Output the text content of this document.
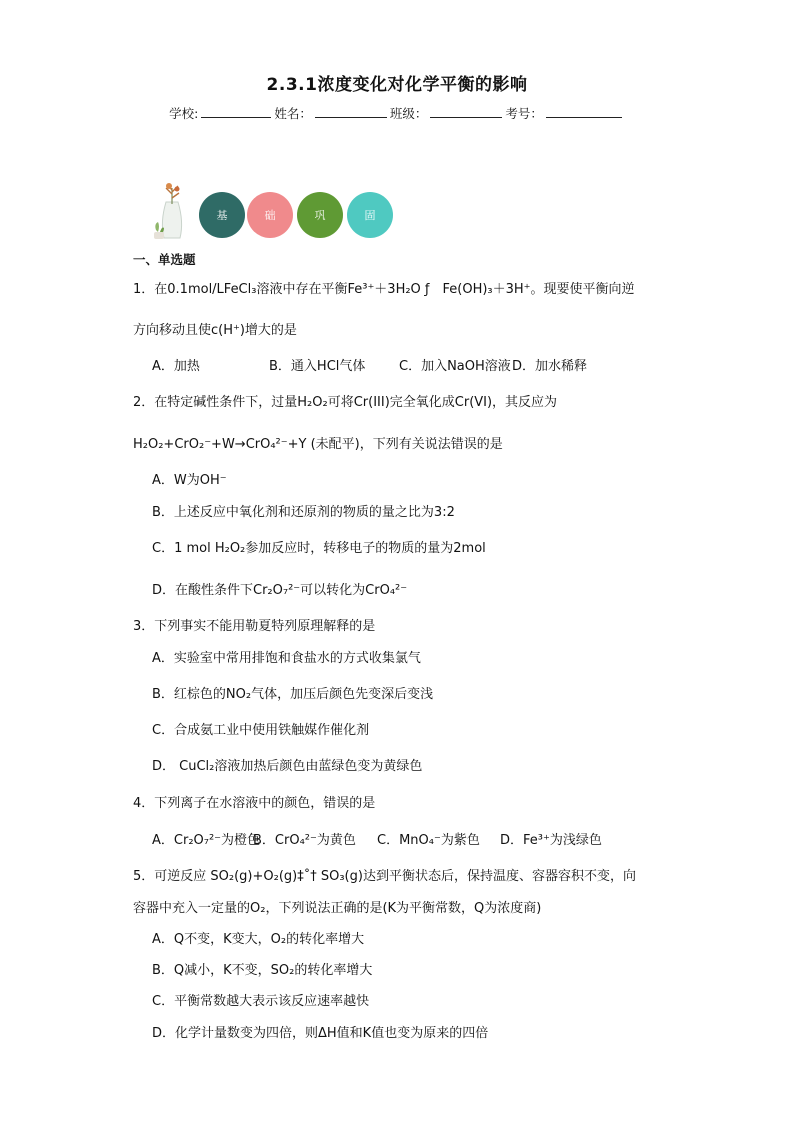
2.3.1浓度变化对化学平衡的影响
学校:	姓名：	班级：	考号：
基	础	巩	固
一、单选题
1．在0.1mol/LFeCl₃溶液中存在平衡Fe³⁺＋3H₂O ƒ　Fe(OH)₃＋3H⁺。现要使平衡向逆
方向移动且使c(H⁺)增大的是
A．加热	B．通入HCl气体	C．加入NaOH溶液D．加水稀释
2．在特定碱性条件下，过量H₂O₂可将Cr(III)完全氧化成Cr(VI)，其反应为
H₂O₂+CrO₂⁻+W→CrO₄²⁻+Y (未配平)，下列有关说法错误的是
A．W为OH⁻
B．上述反应中氧化剂和还原剂的物质的量之比为3:2
C．1 mol H₂O₂参加反应时，转移电子的物质的量为2mol
D．在酸性条件下Cr₂O₇²⁻可以转化为CrO₄²⁻
3．下列事实不能用勒夏特列原理解释的是
A．实验室中常用排饱和食盐水的方式收集氯气
B．红棕色的NO₂气体，加压后颜色先变深后变浅
C．合成氨工业中使用铁触媒作催化剂
D． CuCl₂溶液加热后颜色由蓝绿色变为黄绿色
4．下列离子在水溶液中的颜色，错误的是
A．Cr₂O₇²⁻为橙色B．CrO₄²⁻为黄色 C．MnO₄⁻为紫色 D．Fe³⁺为浅绿色
5．可逆反应 SO₂(g)+O₂(g)‡˚† SO₃(g)达到平衡状态后，保持温度、容器容积不变，向
容器中充入一定量的O₂，下列说法正确的是(K为平衡常数，Q为浓度商)
A．Q不变，K变大，O₂的转化率增大
B．Q减小，K不变，SO₂的转化率增大
C．平衡常数越大表示该反应速率越快
D．化学计量数变为四倍，则ΔH值和K值也变为原来的四倍
